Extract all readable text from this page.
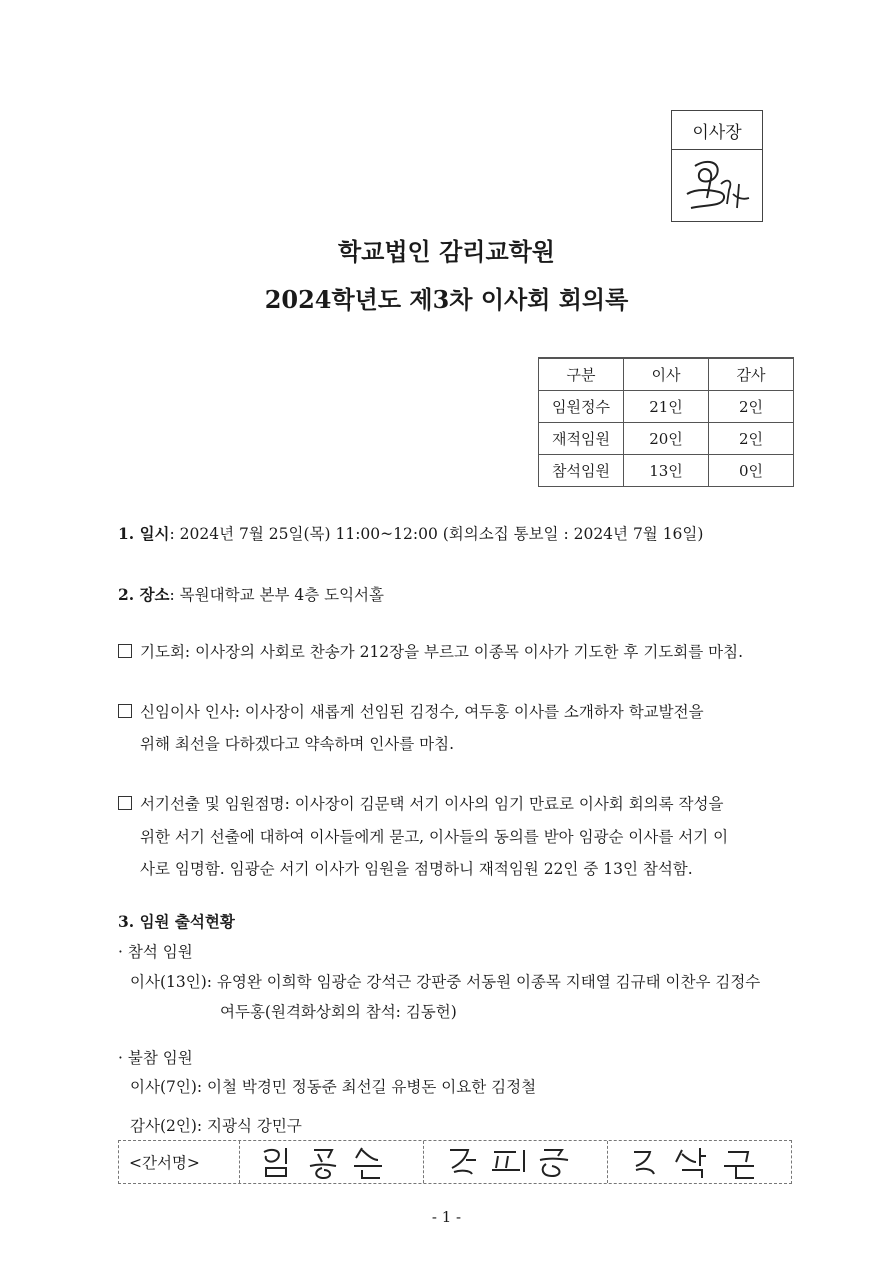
이사장
학교법인 감리교학원
2024학년도 제3차 이사회 회의록
구분	이사	감사
임원정수	21인	2인
재적임원	20인	2인
참석임원	13인	0인
1. 일시: 2024년 7월 25일(목) 11:00~12:00 (회의소집 통보일 : 2024년 7월 16일)
2. 장소: 목원대학교 본부 4층 도익서홀
기도회: 이사장의 사회로 찬송가 212장을 부르고 이종목 이사가 기도한 후 기도회를 마침.
신임이사 인사: 이사장이 새롭게 선임된 김정수, 여두홍 이사를 소개하자 학교발전을
위해 최선을 다하겠다고 약속하며 인사를 마침.
서기선출 및 임원점명: 이사장이 김문택 서기 이사의 임기 만료로 이사회 회의록 작성을
위한 서기 선출에 대하여 이사들에게 묻고, 이사들의 동의를 받아 임광순 이사를 서기 이
사로 임명함. 임광순 서기 이사가 임원을 점명하니 재적임원 22인 중 13인 참석함.
3. 임원 출석현황
· 참석 임원
이사(13인): 유영완 이희학 임광순 강석근 강판중 서동원 이종목 지태열 김규태 이찬우 김정수
여두홍(원격화상회의 참석: 김동헌)
· 불참 임원
이사(7인): 이철 박경민 정동준 최선길 유병돈 이요한 김정철
감사(2인): 지광식 강민구
<간서명>
- 1 -
